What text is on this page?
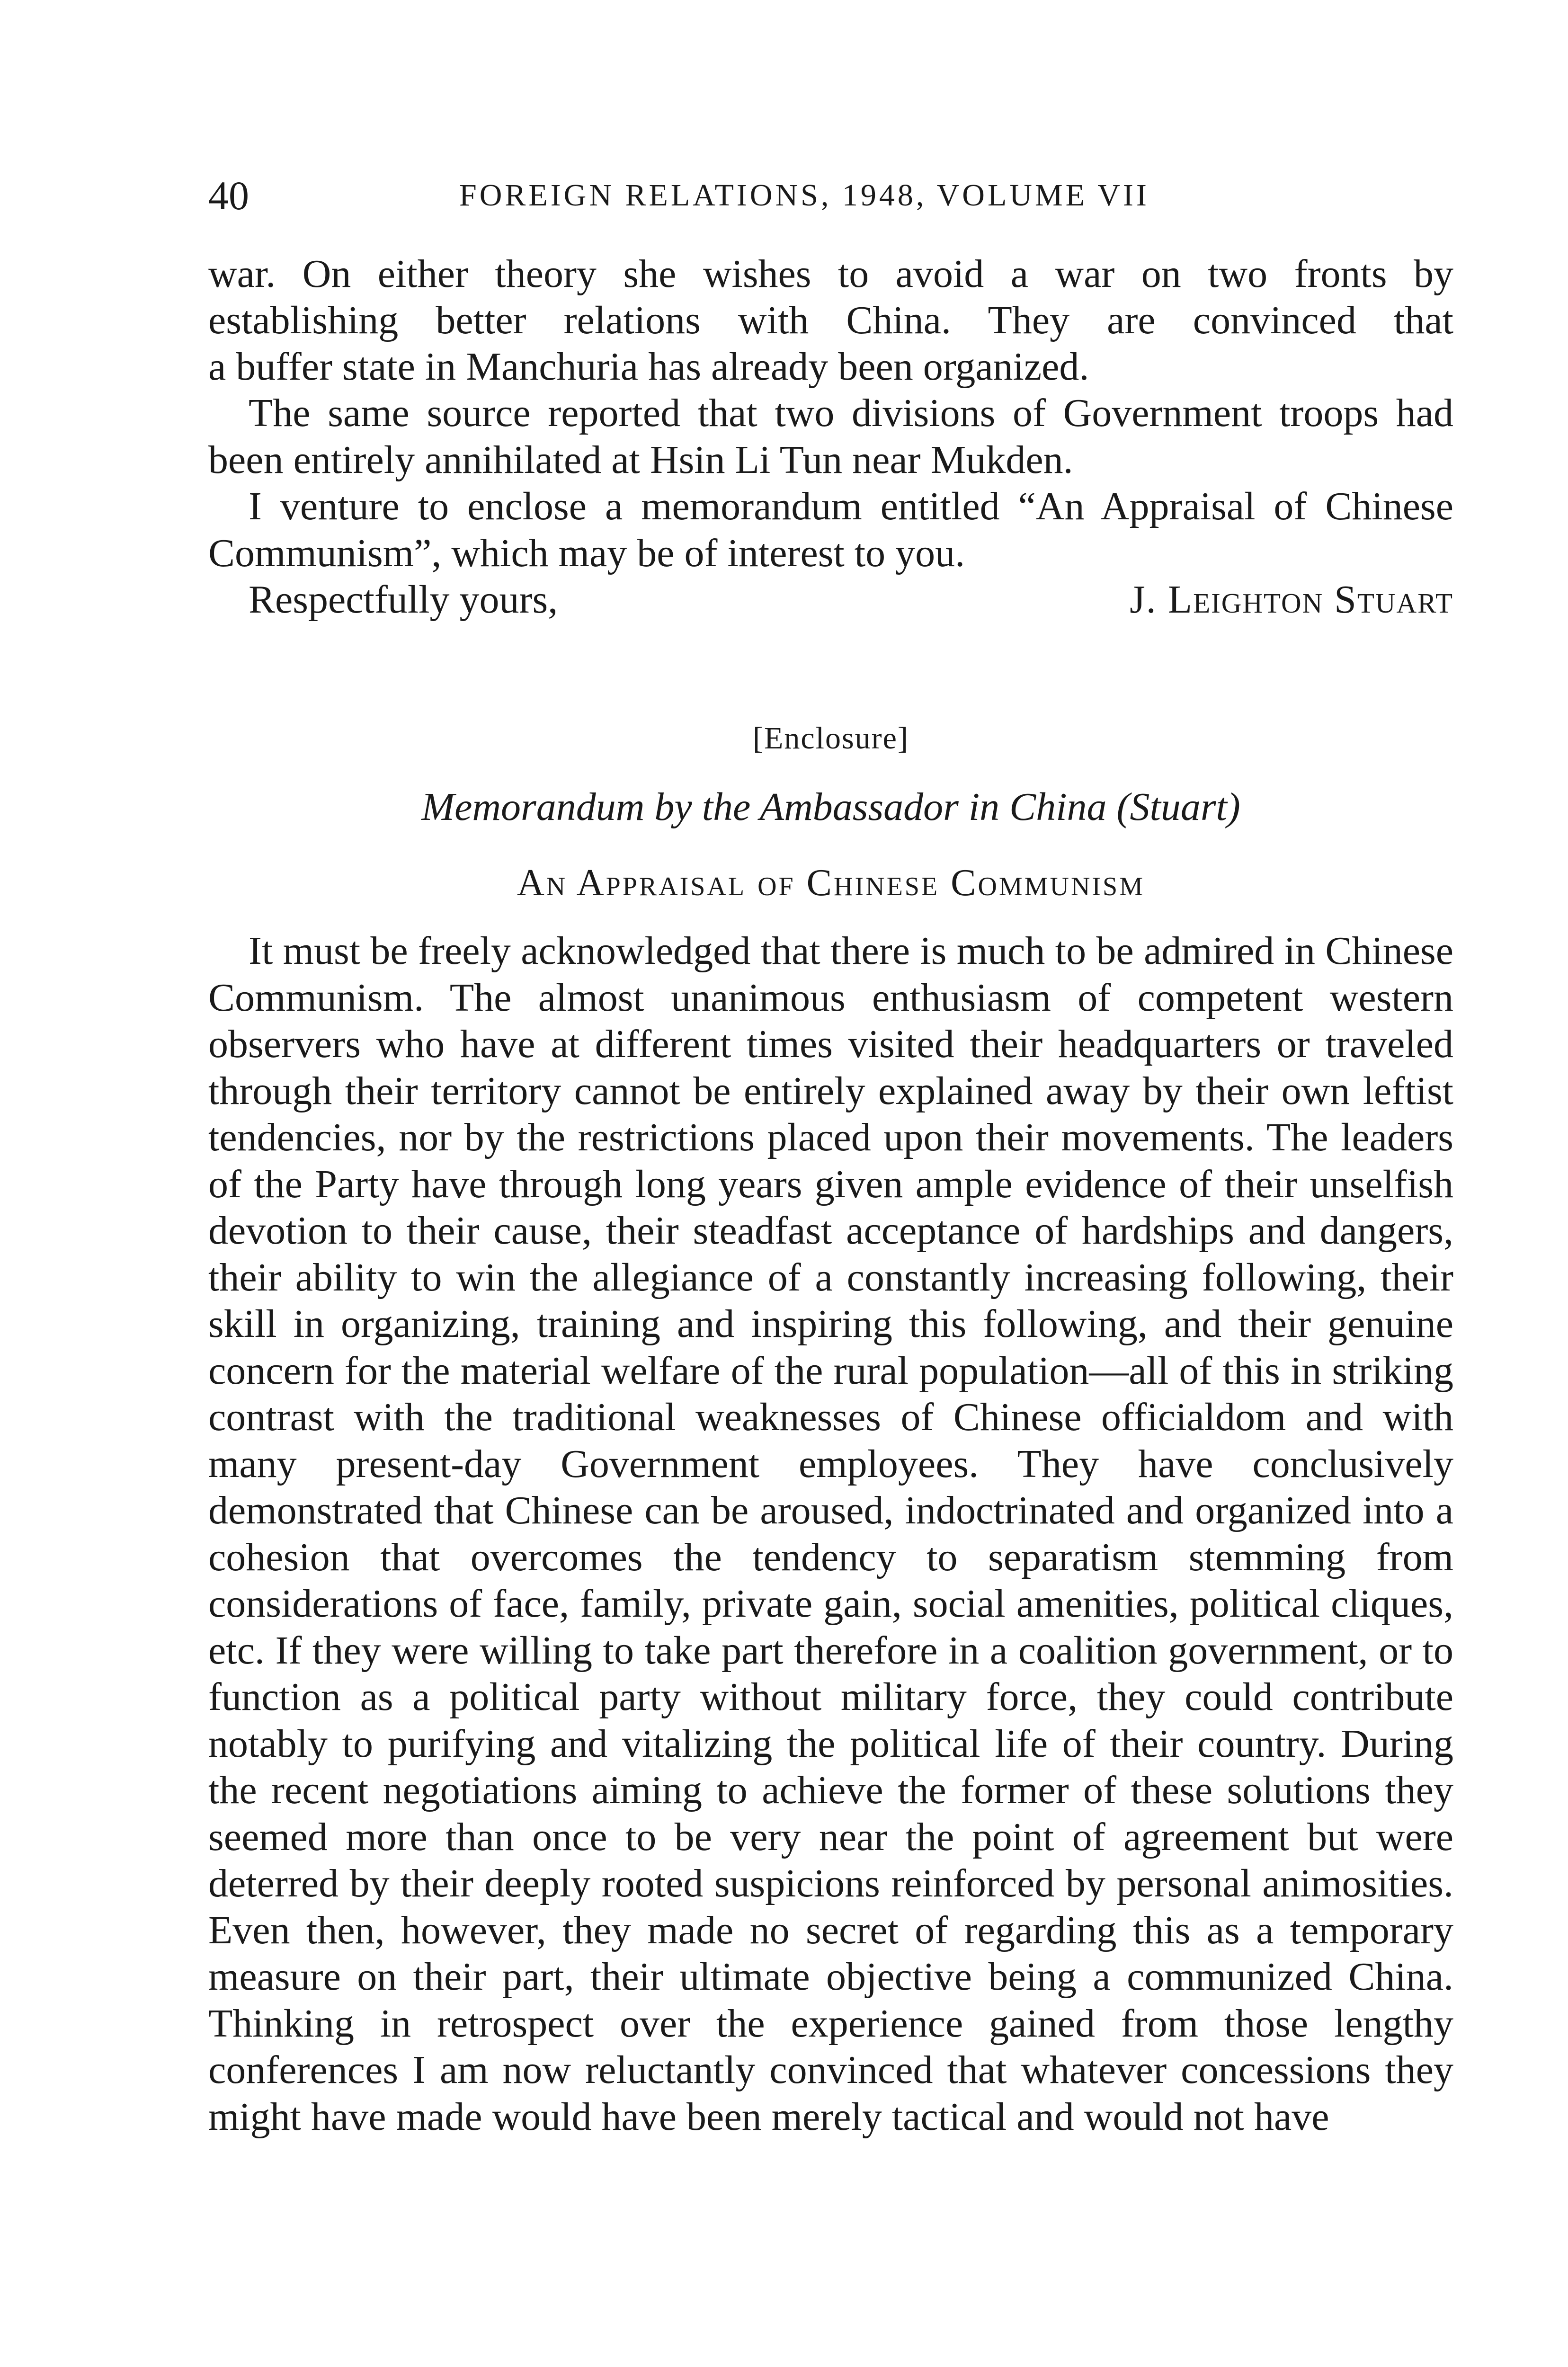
40	FOREIGN RELATIONS, 1948, VOLUME VII
war. On either theory she wishes to avoid a war on two fronts by
establishing better relations with China. They are convinced that
a buffer state in Manchuria has already been organized.

The same source reported that two divisions of Government troops had been entirely annihilated at Hsin Li Tun near Mukden.

I venture to enclose a memorandum entitled “An Appraisal of Chinese Communism”, which may be of interest to you.

Respectfully yours,	J. Leighton Stuart
[Enclosure]
Memorandum by the Ambassador in China (Stuart)
An Appraisal of Chinese Communism

It must be freely acknowledged that there is much to be admired in Chinese Communism. The almost unanimous enthusiasm of competent western observers who have at different times visited their headquarters or traveled through their territory cannot be entirely explained away by their own leftist tendencies, nor by the restrictions placed upon their movements. The leaders of the Party have through long years given ample evidence of their unselfish devotion to their cause, their steadfast acceptance of hardships and dangers, their ability to win the allegiance of a constantly increasing following, their skill in organizing, training and inspiring this following, and their genuine concern for the material welfare of the rural population—all of this in striking contrast with the traditional weaknesses of Chinese officialdom and with many present-day Government employees. They have conclusively demonstrated that Chinese can be aroused, indoctrinated and organized into a cohesion that overcomes the tendency to separatism stemming from considerations of face, family, private gain, social amenities, political cliques, etc. If they were willing to take part therefore in a coalition government, or to function as a political party without military force, they could contribute notably to purifying and vitalizing the political life of their country. During the recent negotiations aiming to achieve the former of these solutions they seemed more than once to be very near the point of agreement but were deterred by their deeply rooted suspicions reinforced by personal animosities. Even then, however, they made no secret of regarding this as a temporary measure on their part, their ultimate objective being a communized China. Thinking in retrospect over the experience gained from those lengthy conferences I am now reluctantly convinced that whatever concessions they might have made would have been merely tactical and would not have
